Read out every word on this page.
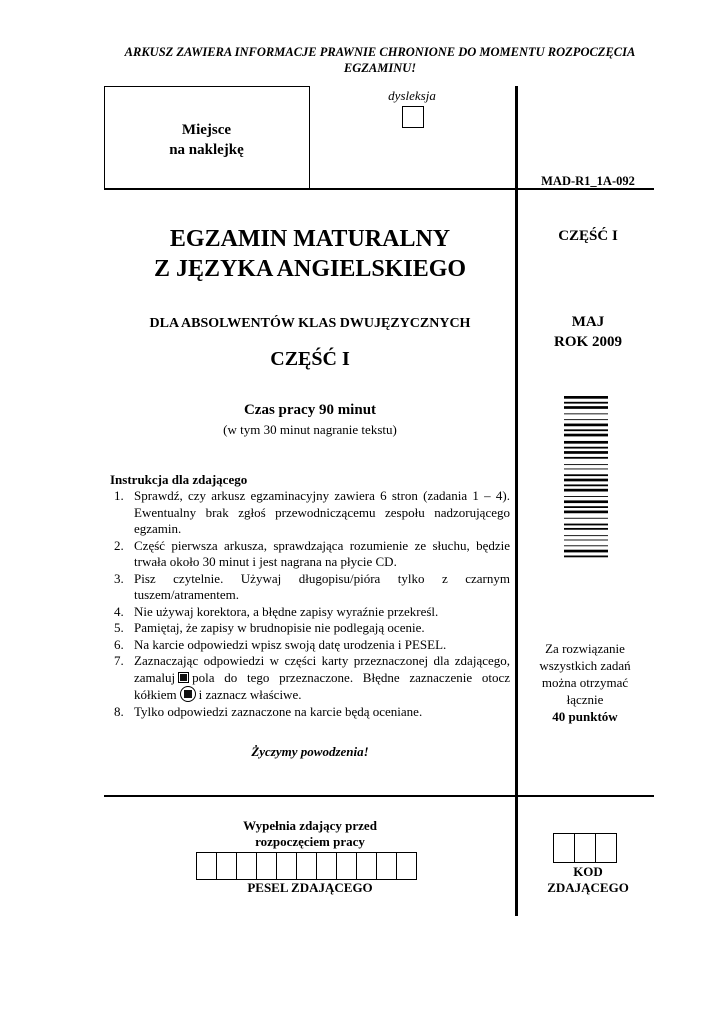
ARKUSZ ZAWIERA INFORMACJE PRAWNIE CHRONIONE DO MOMENTU ROZPOCZĘCIA EGZAMINU!
Miejsce
na naklejkę
dysleksja
MAD-R1_1A-092
EGZAMIN MATURALNY
Z JĘZYKA ANGIELSKIEGO
DLA ABSOLWENTÓW KLAS DWUJĘZYCZNYCH
CZĘŚĆ I
Czas pracy 90 minut
(w tym 30 minut nagranie tekstu)
CZĘŚĆ I
MAJ
ROK 2009
Za rozwiązanie
wszystkich zadań
można otrzymać
łącznie
40 punktów
Instrukcja dla zdającego
1. Sprawdź, czy arkusz egzaminacyjny zawiera 6 stron (zadania 1 – 4). Ewentualny brak zgłoś przewodniczącemu zespołu nadzorującego egzamin.
2. Część pierwsza arkusza, sprawdzająca rozumienie ze słuchu, będzie trwała około 30 minut i jest nagrana na płycie CD.
3. Pisz czytelnie. Używaj długopisu/pióra tylko z czarnym tuszem/atramentem.
4. Nie używaj korektora, a błędne zapisy wyraźnie przekreśl.
5. Pamiętaj, że zapisy w brudnopisie nie podlegają ocenie.
6. Na karcie odpowiedzi wpisz swoją datę urodzenia i PESEL.
7. Zaznaczając odpowiedzi w części karty przeznaczonej dla zdającego, zamaluj pola do tego przeznaczone. Błędne zaznaczenie otocz kółkiem i zaznacz właściwe.
8. Tylko odpowiedzi zaznaczone na karcie będą oceniane.
Życzymy powodzenia!
Wypełnia zdający przed
rozpoczęciem pracy
PESEL ZDAJĄCEGO
KOD
ZDAJĄCEGO
